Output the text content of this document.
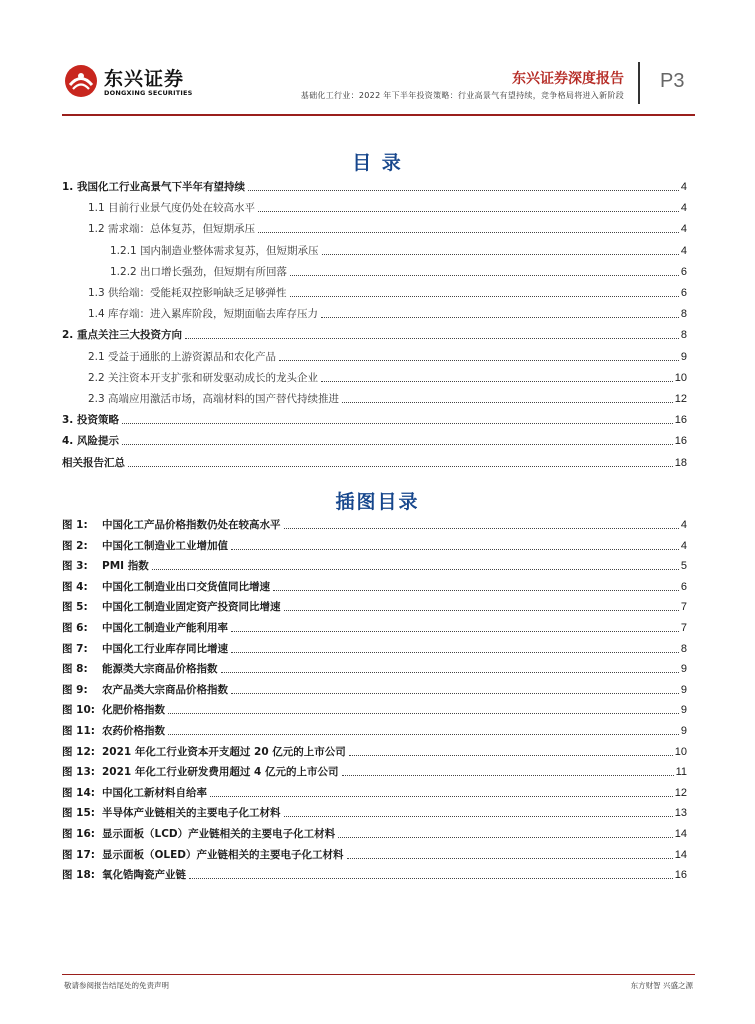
东兴证券
DONGXING SECURITIES
东兴证券深度报告
基础化工行业：2022 年下半年投资策略：行业高景气有望持续，竞争格局将进入新阶段
P3
目 录
1. 我国化工行业高景气下半年有望持续	4
1.1 目前行业景气度仍处在较高水平	4
1.2 需求端：总体复苏，但短期承压	4
1.2.1 国内制造业整体需求复苏，但短期承压	4
1.2.2 出口增长强劲，但短期有所回落	6
1.3 供给端：受能耗双控影响缺乏足够弹性	6
1.4 库存端：进入累库阶段，短期面临去库存压力	8
2. 重点关注三大投资方向	8
2.1 受益于通胀的上游资源品和农化产品	9
2.2 关注资本开支扩张和研发驱动成长的龙头企业	10
2.3 高端应用激活市场，高端材料的国产替代持续推进	12
3. 投资策略	16
4. 风险提示	16
相关报告汇总	18
插图目录
图 1: 中国化工产品价格指数仍处在较高水平	4
图 2: 中国化工制造业工业增加值	4
图 3: PMI 指数	5
图 4: 中国化工制造业出口交货值同比增速	6
图 5: 中国化工制造业固定资产投资同比增速	7
图 6: 中国化工制造业产能利用率	7
图 7: 中国化工行业库存同比增速	8
图 8: 能源类大宗商品价格指数	9
图 9: 农产品类大宗商品价格指数	9
图 10: 化肥价格指数	9
图 11: 农药价格指数	9
图 12: 2021 年化工行业资本开支超过 20 亿元的上市公司	10
图 13: 2021 年化工行业研发费用超过 4 亿元的上市公司	11
图 14: 中国化工新材料自给率	12
图 15: 半导体产业链相关的主要电子化工材料	13
图 16: 显示面板（LCD）产业链相关的主要电子化工材料	14
图 17: 显示面板（OLED）产业链相关的主要电子化工材料	14
图 18: 氧化锆陶瓷产业链	16
敬请参阅报告结尾处的免责声明	东方财智 兴盛之源
